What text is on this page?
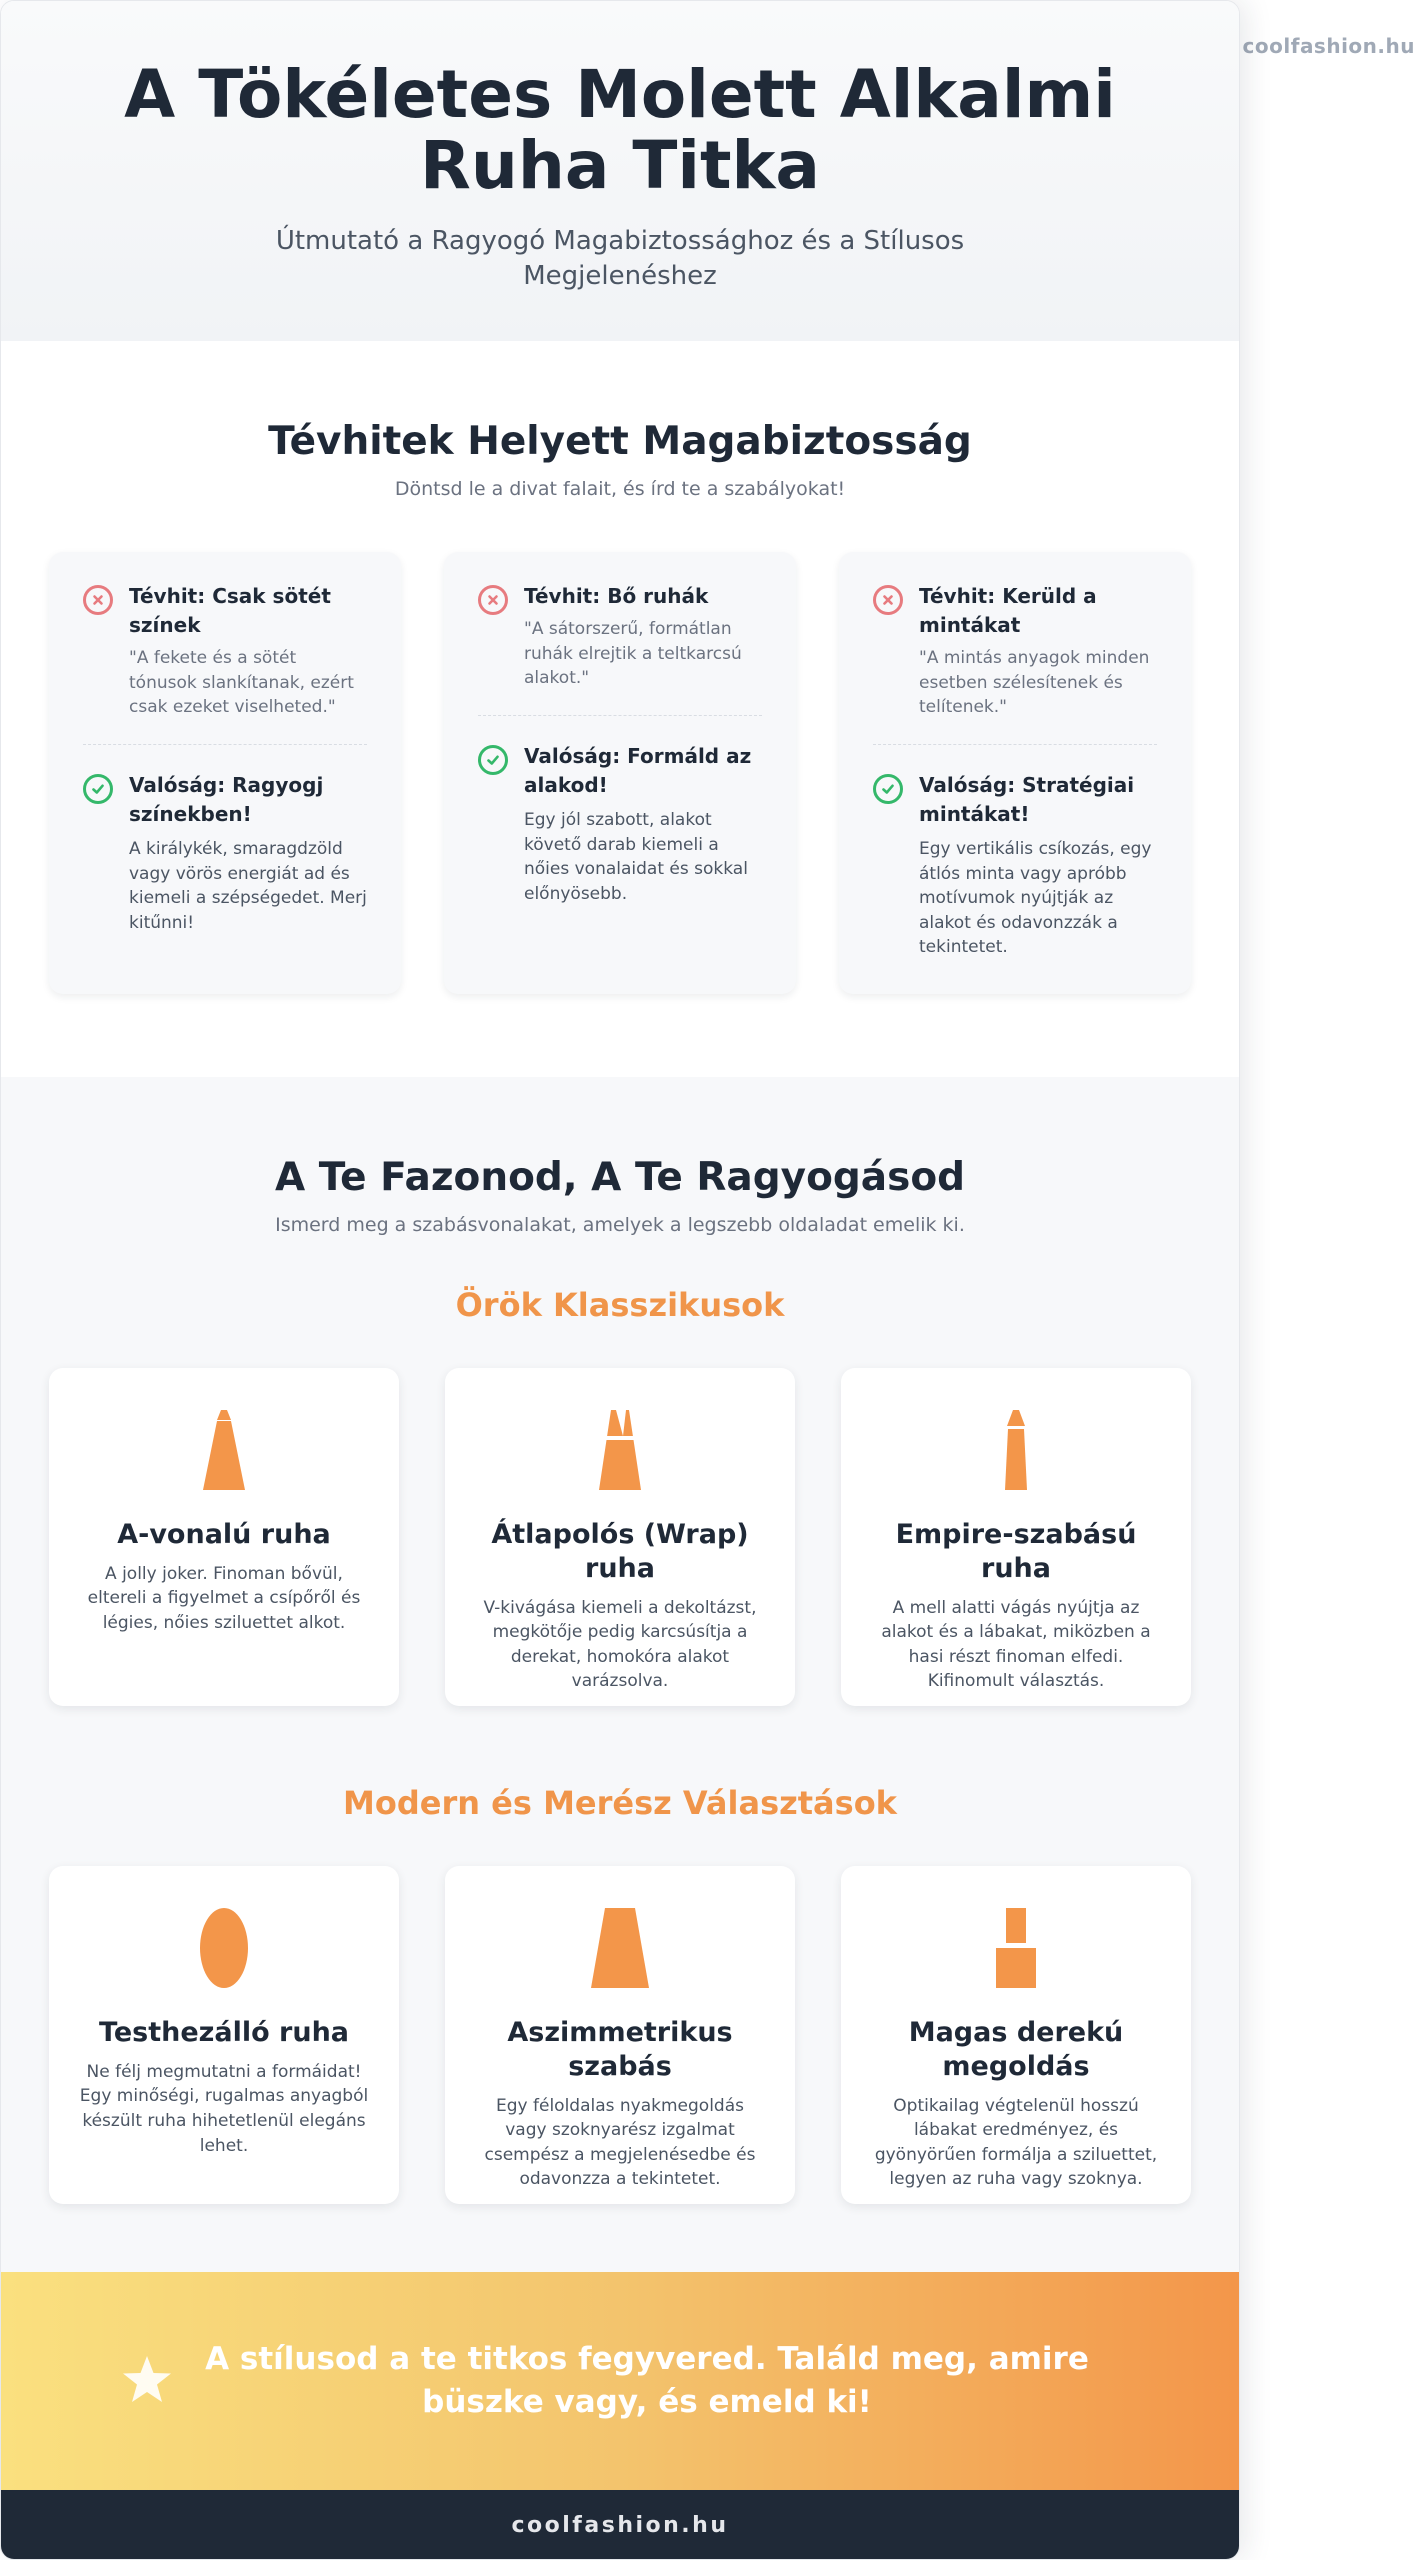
coolfashion.hu
A Tökéletes Molett Alkalmi Ruha Titka

Útmutató a Ragyogó Magabiztossághoz és a Stílusos Megjelenéshez

Tévhitek Helyett Magabiztosság

Döntsd le a divat falait, és írd te a szabályokat!

Tévhit: Csak sötét színek
"A fekete és a sötét tónusok slankítanak, ezért csak ezeket viselheted."
Valóság: Ragyogj színekben!
A királykék, smaragdzöld vagy vörös energiát ad és kiemeli a szépségedet. Merj kitűnni!
Tévhit: Bő ruhák
"A sátorszerű, formátlan ruhák elrejtik a teltkarcsú alakot."
Valóság: Formáld az alakod!
Egy jól szabott, alakot követő darab kiemeli a nőies vonalaidat és sokkal előnyösebb.
Tévhit: Kerüld a mintákat
"A mintás anyagok minden esetben szélesítenek és telítenek."
Valóság: Stratégiai mintákat!
Egy vertikális csíkozás, egy átlós minta vagy apróbb motívumok nyújtják az alakot és odavonzzák a tekintetet.
A Te Fazonod, A Te Ragyogásod

Ismerd meg a szabásvonalakat, amelyek a legszebb oldaladat emelik ki.

Örök Klasszikusok
A-vonalú ruha
A jolly joker. Finoman bővül, eltereli a figyelmet a csípőről és légies, nőies sziluettet alkot.
Átlapolós (Wrap) ruha
V-kivágása kiemeli a dekoltázst, megkötője pedig karcsúsítja a derekat, homokóra alakot varázsolva.
Empire-szabású ruha
A mell alatti vágás nyújtja az alakot és a lábakat, miközben a hasi részt finoman elfedi. Kifinomult választás.
Modern és Merész Választások
Testhezálló ruha
Ne félj megmutatni a formáidat! Egy minőségi, rugalmas anyagból készült ruha hihetetlenül elegáns lehet.
Aszimmetrikus szabás
Egy féloldalas nyakmegoldás vagy szoknyarész izgalmat csempész a megjelenésedbe és odavonzza a tekintetet.
Magas derekú megoldás
Optikailag végtelenül hosszú lábakat eredményez, és gyönyörűen formálja a sziluettet, legyen az ruha vagy szoknya.
A stílusod a te titkos fegyvered. Találd meg, amire büszke vagy, és emeld ki!
coolfashion.hu
